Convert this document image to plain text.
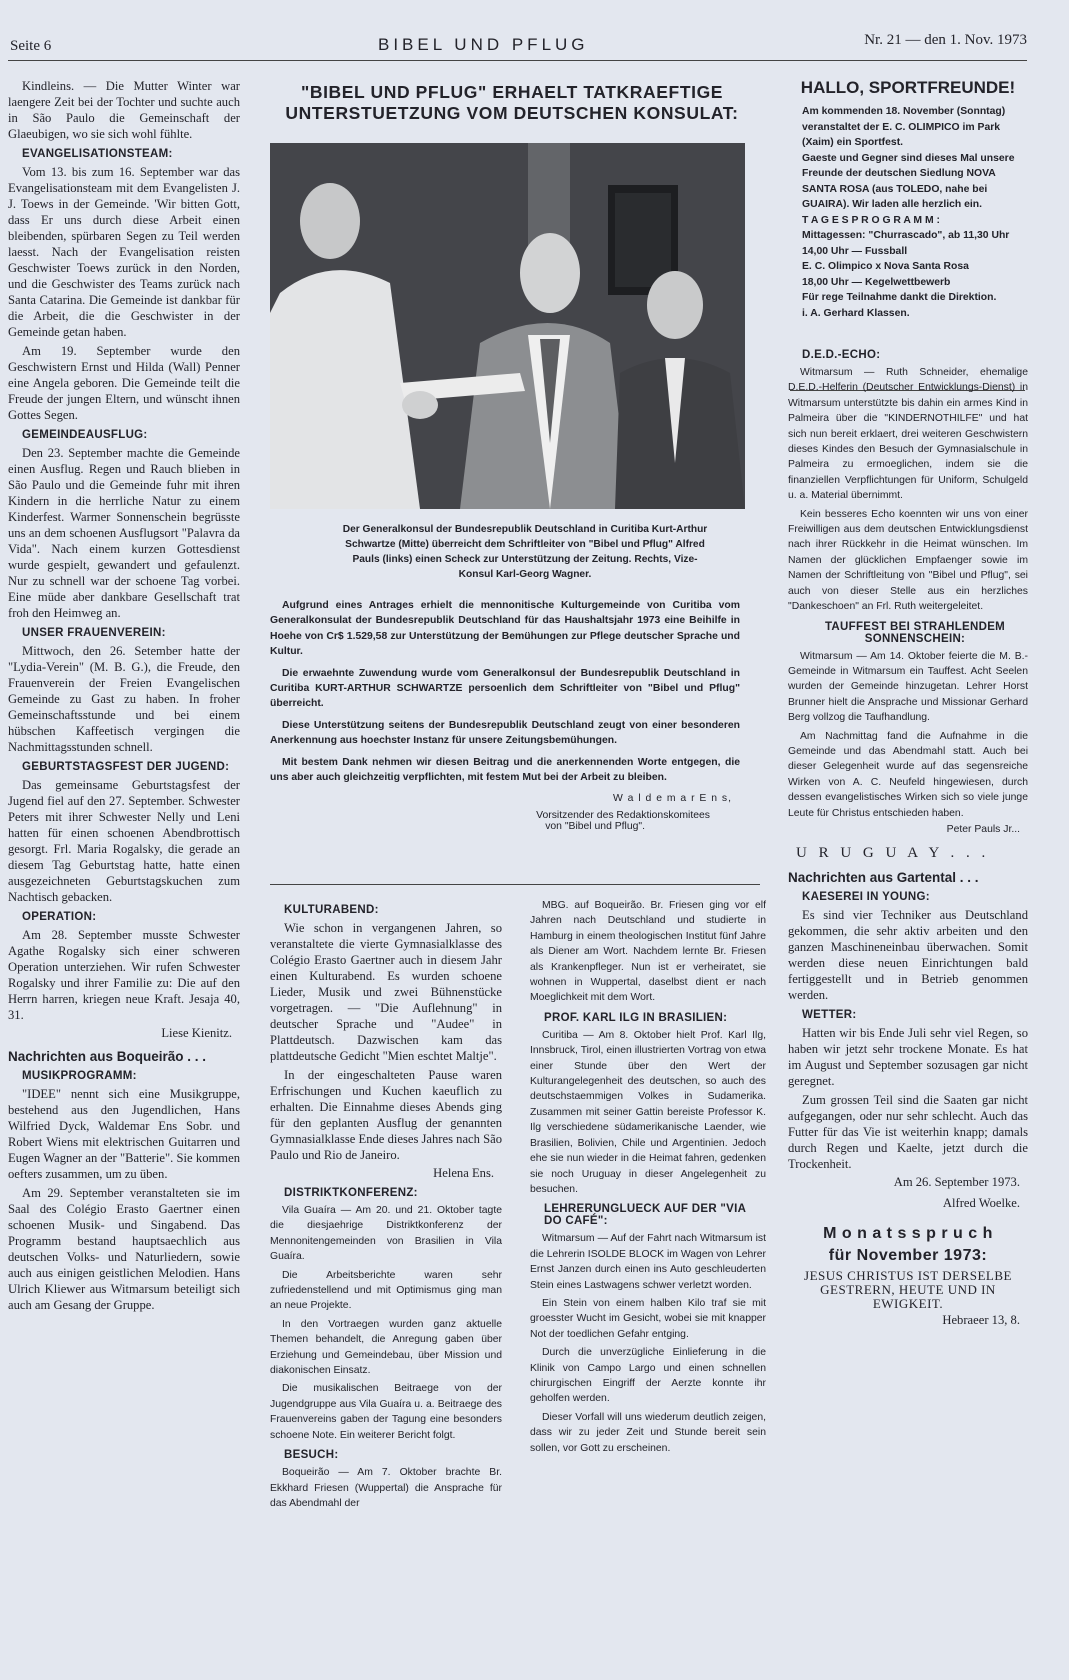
Seite 6	BIBEL UND PFLUG	Nr. 21 — den 1. Nov. 1973
Kindleins. — Die Mutter Winter war laengere Zeit bei der Tochter und suchte auch in São Paulo die Gemeinschaft der Glaeubigen, wo sie sich wohl fühlte.
EVANGELISATIONSTEAM:
Vom 13. bis zum 16. September war das Evangelisationsteam mit dem Evangelisten J. J. Toews in der Gemeinde. 'Wir bitten Gott, dass Er uns durch diese Arbeit einen bleibenden, spürbaren Segen zu Teil werden laesst. Nach der Evangelisation reisten Geschwister Toews zurück in den Norden, und die Geschwister des Teams zurück nach Santa Catarina. Die Gemeinde ist dankbar für die Arbeit, die die Geschwister in der Gemeinde getan haben.
Am 19. September wurde den Geschwistern Ernst und Hilda (Wall) Penner eine Angela geboren. Die Gemeinde teilt die Freude der jungen Eltern, und wünscht ihnen Gottes Segen.
GEMEINDEAUSFLUG:
Den 23. September machte die Gemeinde einen Ausflug. Regen und Rauch blieben in São Paulo und die Gemeinde fuhr mit ihren Kindern in die herrliche Natur zu einem Kinderfest. Warmer Sonnenschein begrüsste uns an dem schoenen Ausflugsort "Palavra da Vida". Nach einem kurzen Gottesdienst wurde gespielt, gewandert und gefaulenzt. Nur zu schnell war der schoene Tag vorbei. Eine müde aber dankbare Gesellschaft trat froh den Heimweg an.
UNSER FRAUENVEREIN:
Mittwoch, den 26. Setember hatte der "Lydia-Verein" (M. B. G.), die Freude, den Frauenverein der Freien Evangelischen Gemeinde zu Gast zu haben. In froher Gemeinschaftsstunde und bei einem hübschen Kaffeetisch vergingen die Nachmittagsstunden schnell.
GEBURTSTAGSFEST DER JUGEND:
Das gemeinsame Geburtstagsfest der Jugend fiel auf den 27. September. Schwester Peters mit ihrer Schwester Nelly und Leni hatten für einen schoenen Abendbrottisch gesorgt. Frl. Maria Rogalsky, die gerade an diesem Tag Geburtstag hatte, hatte einen ausgezeichneten Geburtstagskuchen zum Nachtisch gebacken.
OPERATION:
Am 28. September musste Schwester Agathe Rogalsky sich einer schweren Operation unterziehen. Wir rufen Schwester Rogalsky und ihrer Familie zu: Die auf den Herrn harren, kriegen neue Kraft. Jesaja 40, 31.
Liese Kienitz.
Nachrichten aus Boqueirão . . .
MUSIKPROGRAMM:
"IDEE" nennt sich eine Musikgruppe, bestehend aus den Jugendlichen, Hans Wilfried Dyck, Waldemar Ens Sobr. und Robert Wiens mit elektrischen Guitarren und Eugen Wagner an der "Batterie". Sie kommen oefters zusammen, um zu üben.
Am 29. September veranstalteten sie im Saal des Colégio Erasto Gaertner einen schoenen Musik- und Singabend. Das Programm bestand hauptsaechlich aus deutschen Volks- und Naturliedern, sowie auch aus einigen geistlichen Melodien. Hans Ulrich Kliewer aus Witmarsum beteiligt sich auch am Gesang der Gruppe.
"BIBEL UND PFLUG" ERHAELT TATKRAEFTIGE UNTERSTUETZUNG VOM DEUTSCHEN KONSULAT:
Der Generalkonsul der Bundesrepublik Deutschland in Curitiba Kurt-Arthur Schwartze (Mitte) überreicht dem Schriftleiter von "Bibel und Pflug" Alfred Pauls (links) einen Scheck zur Unterstützung der Zeitung. Rechts, Vize-Konsul Karl-Georg Wagner.
Aufgrund eines Antrages erhielt die mennonitische Kulturgemeinde von Curitiba vom Generalkonsulat der Bundesrepublik Deutschland für das Haushaltsjahr 1973 eine Beihilfe in Hoehe von Cr$ 1.529,58 zur Unterstützung der Bemühungen zur Pflege deutscher Sprache und Kultur.
Die erwaehnte Zuwendung wurde vom Generalkonsul der Bundesrepublik Deutschland in Curitiba KURT-ARTHUR SCHWARTZE persoenlich dem Schriftleiter von "Bibel und Pflug" überreicht.
Diese Unterstützung seitens der Bundesrepublik Deutschland zeugt von einer besonderen Anerkennung aus hoechster Instanz für unsere Zeitungsbemühungen.
Mit bestem Dank nehmen wir diesen Beitrag und die anerkennenden Worte entgegen, die uns aber auch gleichzeitig verpflichten, mit festem Mut bei der Arbeit zu bleiben.
W a l d e m a r E n s,
Vorsitzender des Redaktionskomitees
von "Bibel und Pflug".
KULTURABEND:
Wie schon in vergangenen Jahren, so veranstaltete die vierte Gymnasialklasse des Colégio Erasto Gaertner auch in diesem Jahr einen Kulturabend. Es wurden schoene Lieder, Musik und zwei Bühnenstücke vorgetragen. — "Die Auflehnung" in deutscher Sprache und "Audee" in Plattdeutsch. Dazwischen kam das plattdeutsche Gedicht "Mien eschtet Maltje".
In der eingeschalteten Pause waren Erfrischungen und Kuchen kaeuflich zu erhalten. Die Einnahme dieses Abends ging für den geplanten Ausflug der genannten Gymnasialklasse Ende dieses Jahres nach São Paulo und Rio de Janeiro.
Helena Ens.
DISTRIKTKONFERENZ:
Vila Guaíra — Am 20. und 21. Oktober tagte die diesjaehrige Distriktkonferenz der Mennonitengemeinden von Brasilien in Vila Guaíra.
Die Arbeitsberichte waren sehr zufriedenstellend und mit Optimismus ging man an neue Projekte.
In den Vortraegen wurden ganz aktuelle Themen behandelt, die Anregung gaben über Erziehung und Gemeindebau, über Mission und diakonischen Einsatz.
Die musikalischen Beitraege von der Jugendgruppe aus Vila Guaíra u. a. Beitraege des Frauenvereins gaben der Tagung eine besonders schoene Note. Ein weiterer Bericht folgt.
BESUCH:
Boqueirão — Am 7. Oktober brachte Br. Ekkhard Friesen (Wuppertal) die Ansprache für das Abendmahl der
MBG. auf Boqueirão. Br. Friesen ging vor elf Jahren nach Deutschland und studierte in Hamburg in einem theologischen Institut fünf Jahre als Diener am Wort. Nachdem lernte Br. Friesen als Krankenpfleger. Nun ist er verheiratet, sie wohnen in Wuppertal, daselbst dient er nach Moeglichkeit mit dem Wort.
PROF. KARL ILG IN BRASILIEN:
Curitiba — Am 8. Oktober hielt Prof. Karl Ilg, Innsbruck, Tirol, einen illustrierten Vortrag von etwa einer Stunde über den Wert der Kulturangelegenheit des deutschen, so auch des deutschstaemmigen Volkes in Sudamerika. Zusammen mit seiner Gattin bereiste Professor K. Ilg verschiedene südamerikanische Laender, wie Brasilien, Bolivien, Chile und Argentinien. Jedoch ehe sie nun wieder in die Heimat fahren, gedenken sie noch Uruguay in dieser Angelegenheit zu besuchen.
LEHRERUNGLUECK AUF DER "VIA DO CAFÉ":
Witmarsum — Auf der Fahrt nach Witmarsum ist die Lehrerin ISOLDE BLOCK im Wagen von Lehrer Ernst Janzen durch einen ins Auto geschleuderten Stein eines Lastwagens schwer verletzt worden.
Ein Stein von einem halben Kilo traf sie mit groesster Wucht im Gesicht, wobei sie mit knapper Not der toedlichen Gefahr entging.
Durch die unverzügliche Einlieferung in die Klinik von Campo Largo und einen schnellen chirurgischen Eingriff der Aerzte konnte ihr geholfen werden.
Dieser Vorfall will uns wiederum deutlich zeigen, dass wir zu jeder Zeit und Stunde bereit sein sollen, vor Gott zu erscheinen.
HALLO, SPORTFREUNDE!
Am kommenden 18. November (Sonntag) veranstaltet der E. C. OLIMPICO im Park (Xaim) ein Sportfest.
Gaeste und Gegner sind dieses Mal unsere Freunde der deutschen Siedlung NOVA SANTA ROSA (aus TOLEDO, nahe bei GUAIRA). Wir laden alle herzlich ein.
T A G E S P R O G R A M M :
Mittagessen: "Churrascado", ab 11,30 Uhr
14,00 Uhr — Fussball
E. C. Olimpico x Nova Santa Rosa
18,00 Uhr — Kegelwettbewerb
Für rege Teilnahme dankt die Direktion.
i. A. Gerhard Klassen.
D.E.D.-ECHO:
Witmarsum — Ruth Schneider, ehemalige D.E.D.-Helferin (Deutscher Entwicklungs-Dienst) in Witmarsum unterstützte bis dahin ein armes Kind in Palmeira über die "KINDERNOTHILFE" und hat sich nun bereit erklaert, drei weiteren Geschwistern dieses Kindes den Besuch der Gymnasialschule in Palmeira zu ermoeglichen, indem sie die finanziellen Verpflichtungen für Uniform, Schulgeld u. a. Material übernimmt.
Kein besseres Echo koennten wir uns von einer Freiwilligen aus dem deutschen Entwicklungsdienst nach ihrer Rückkehr in die Heimat wünschen. Im Namen der glücklichen Empfaenger sowie im Namen der Schriftleitung von "Bibel und Pflug", sei auch von dieser Stelle aus ein herzliches "Dankeschoen" an Frl. Ruth weitergeleitet.
TAUFFEST BEI STRAHLENDEM SONNENSCHEIN:
Witmarsum — Am 14. Oktober feierte die M. B.-Gemeinde in Witmarsum ein Tauffest. Acht Seelen wurden der Gemeinde hinzugetan. Lehrer Horst Brunner hielt die Ansprache und Missionar Gerhard Berg vollzog die Taufhandlung.
Am Nachmittag fand die Aufnahme in die Gemeinde und das Abendmahl statt. Auch bei dieser Gelegenheit wurde auf das segensreiche Wirken von A. C. Neufeld hingewiesen, durch dessen evangelistisches Wirken sich so viele junge Leute für Christus entschieden haben.
Peter Pauls Jr...
U R U G U A Y . . .
Nachrichten aus Gartental . . .
KAESEREI IN YOUNG:
Es sind vier Techniker aus Deutschland gekommen, die sehr aktiv arbeiten und den ganzen Maschineneinbau überwachen. Somit werden diese neuen Einrichtungen bald fertiggestellt und in Betrieb genommen werden.
WETTER:
Hatten wir bis Ende Juli sehr viel Regen, so haben wir jetzt sehr trockene Monate. Es hat im August und September sozusagen gar nicht geregnet.
Zum grossen Teil sind die Saaten gar nicht aufgegangen, oder nur sehr schlecht. Auch das Futter für das Vie ist weiterhin knapp; damals durch Regen und Kaelte, jetzt durch die Trockenheit.
Am 26. September 1973.
Alfred Woelke.
M o n a t s s p r u c h
für November 1973:
JESUS CHRISTUS IST DERSELBE GESTRERN, HEUTE UND IN EWIGKEIT.
Hebraeer 13, 8.
